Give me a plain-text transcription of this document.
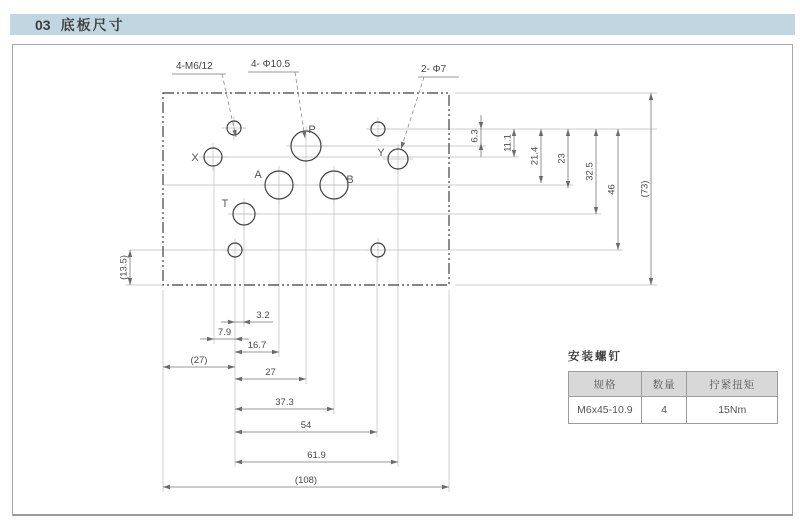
03 底板尺寸
P
A	B
T
X	Y
4-M6/12	4- Φ10.5	2- Φ7
6.3 11.1
21.4 23
32.5
46 (73)
(13.5)
3.2
7.9
16.7
(27)
27
37.3
54
61.9
(108)
安装螺钉
规格	数量	拧紧扭矩
M6x45-10.9	4	15Nm
